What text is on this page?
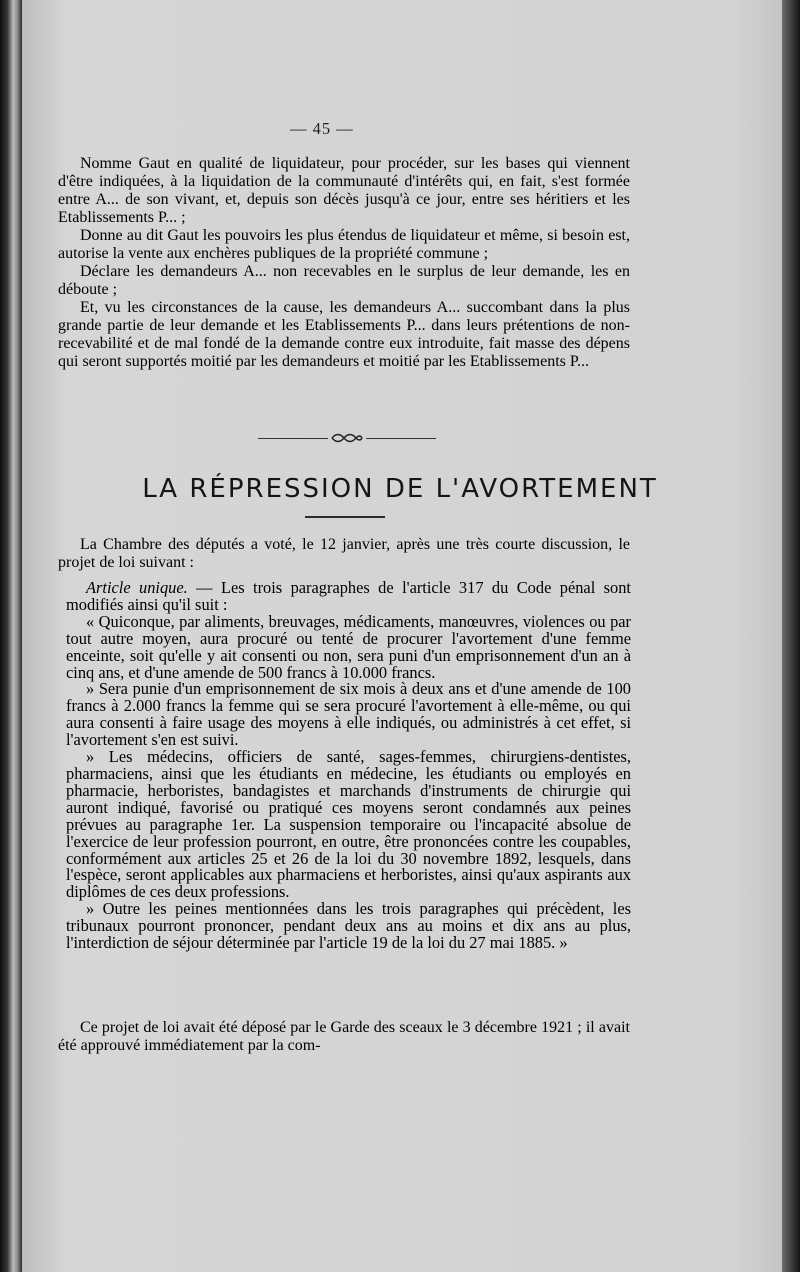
— 45 —

Nomme Gaut en qualité de liquidateur, pour procéder, sur les bases qui viennent d'être indiquées, à la liquidation de la communauté d'intérêts qui, en fait, s'est formée entre A... de son vivant, et, depuis son décès jusqu'à ce jour, entre ses héritiers et les Etablissements P... ;

Donne au dit Gaut les pouvoirs les plus étendus de liquidateur et même, si besoin est, autorise la vente aux enchères publiques de la propriété commune ;

Déclare les demandeurs A... non recevables en le surplus de leur demande, les en déboute ;

Et, vu les circonstances de la cause, les demandeurs A... succombant dans la plus grande partie de leur demande et les Etablissements P... dans leurs prétentions de non-recevabilité et de mal fondé de la demande contre eux introduite, fait masse des dépens qui seront supportés moitié par les demandeurs et moitié par les Etablissements P...

LA RÉPRESSION DE L'AVORTEMENT

La Chambre des députés a voté, le 12 janvier, après une très courte discussion, le projet de loi suivant :

Article unique. — Les trois paragraphes de l'article 317 du Code pénal sont modifiés ainsi qu'il suit :

« Quiconque, par aliments, breuvages, médicaments, manœuvres, violences ou par tout autre moyen, aura procuré ou tenté de procurer l'avortement d'une femme enceinte, soit qu'elle y ait consenti ou non, sera puni d'un emprisonnement d'un an à cinq ans, et d'une amende de 500 francs à 10.000 francs.

» Sera punie d'un emprisonnement de six mois à deux ans et d'une amende de 100 francs à 2.000 francs la femme qui se sera procuré l'avortement à elle-même, ou qui aura consenti à faire usage des moyens à elle indiqués, ou administrés à cet effet, si l'avortement s'en est suivi.

» Les médecins, officiers de santé, sages-femmes, chirurgiens-dentistes, pharmaciens, ainsi que les étudiants en médecine, les étudiants ou employés en pharmacie, herboristes, bandagistes et marchands d'instruments de chirurgie qui auront indiqué, favorisé ou pratiqué ces moyens seront condamnés aux peines prévues au paragraphe 1er. La suspension temporaire ou l'incapacité absolue de l'exercice de leur profession pourront, en outre, être prononcées contre les coupables, conformément aux articles 25 et 26 de la loi du 30 novembre 1892, lesquels, dans l'espèce, seront applicables aux pharmaciens et herboristes, ainsi qu'aux aspirants aux diplômes de ces deux professions.

» Outre les peines mentionnées dans les trois paragraphes qui précèdent, les tribunaux pourront prononcer, pendant deux ans au moins et dix ans au plus, l'interdiction de séjour déterminée par l'article 19 de la loi du 27 mai 1885. »

Ce projet de loi avait été déposé par le Garde des sceaux le 3 décembre 1921 ; il avait été approuvé immédiatement par la com-
